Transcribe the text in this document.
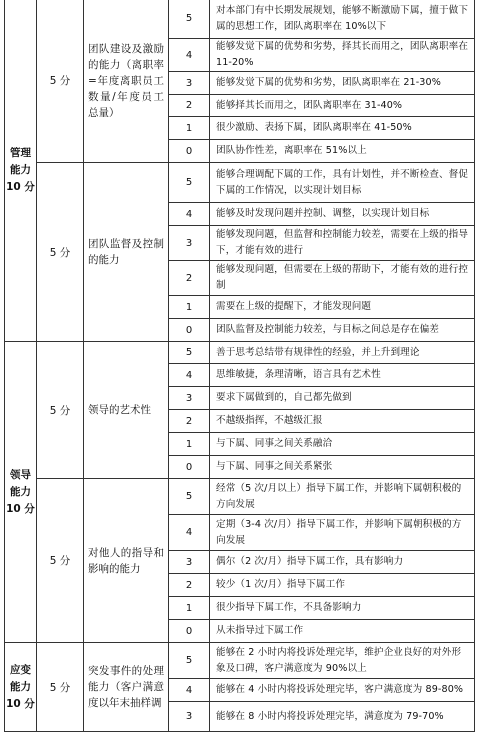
管理
能力
10 分	5 分	团队建设及激励的能力（离职率=年度离职员工数量/年度员工总量）	5	对本部门有中长期发展规划，能够不断激励下属，擅于做下属的思想工作，团队离职率在 10%以下
			4	能够发觉下属的优势和劣势，择其长而用之，团队离职率在 11-20%
			3	能够发觉下属的优势和劣势，团队离职率在 21-30%
			2	能够择其长而用之，团队离职率在 31-40%
			1	很少激励、表扬下属，团队离职率在 41-50%
			0	团队协作性差，离职率在 51%以上
	5 分	团队监督及控制的能力	5	能够合理调配下属的工作，具有计划性，并不断检查、督促下属的工作情况，以实现计划目标
			4	能够及时发现问题并控制、调整，以实现计划目标
			3	能够发现问题，但监督和控制能力较差，需要在上级的指导下，才能有效的进行
			2	能够发现问题，但需要在上级的帮助下，才能有效的进行控制
			1	需要在上级的提醒下，才能发现问题
			0	团队监督及控制能力较差，与目标之间总是存在偏差

领导
能力
10 分	5 分	领导的艺术性	5	善于思考总结带有规律性的经验，并上升到理论
			4	思维敏捷，条理清晰，语言具有艺术性
			3	要求下属做到的，自己都先做到
			2	不越级指挥，不越级汇报
			1	与下属、同事之间关系融洽
			0	与下属、同事之间关系紧张
	5 分	对他人的指导和影响的能力	5	经常（5 次/月以上）指导下属工作，并影响下属朝积极的方向发展
			4	定期（3-4 次/月）指导下属工作，并影响下属朝积极的方向发展
			3	偶尔（2 次/月）指导下属工作，具有影响力
			2	较少（1 次/月）指导下属工作
			1	很少指导下属工作，不具备影响力
			0	从未指导过下属工作

应变
能力
10 分	5 分	突发事件的处理能力（客户满意度以年末抽样调	5	能够在 2 小时内将投诉处理完毕，维护企业良好的对外形象及口碑，客户满意度为 90%以上
			4	能够在 4 小时内将投诉处理完毕，客户满意度为 89-80%
			3	能够在 8 小时内将投诉处理完毕，满意度为 79-70%
